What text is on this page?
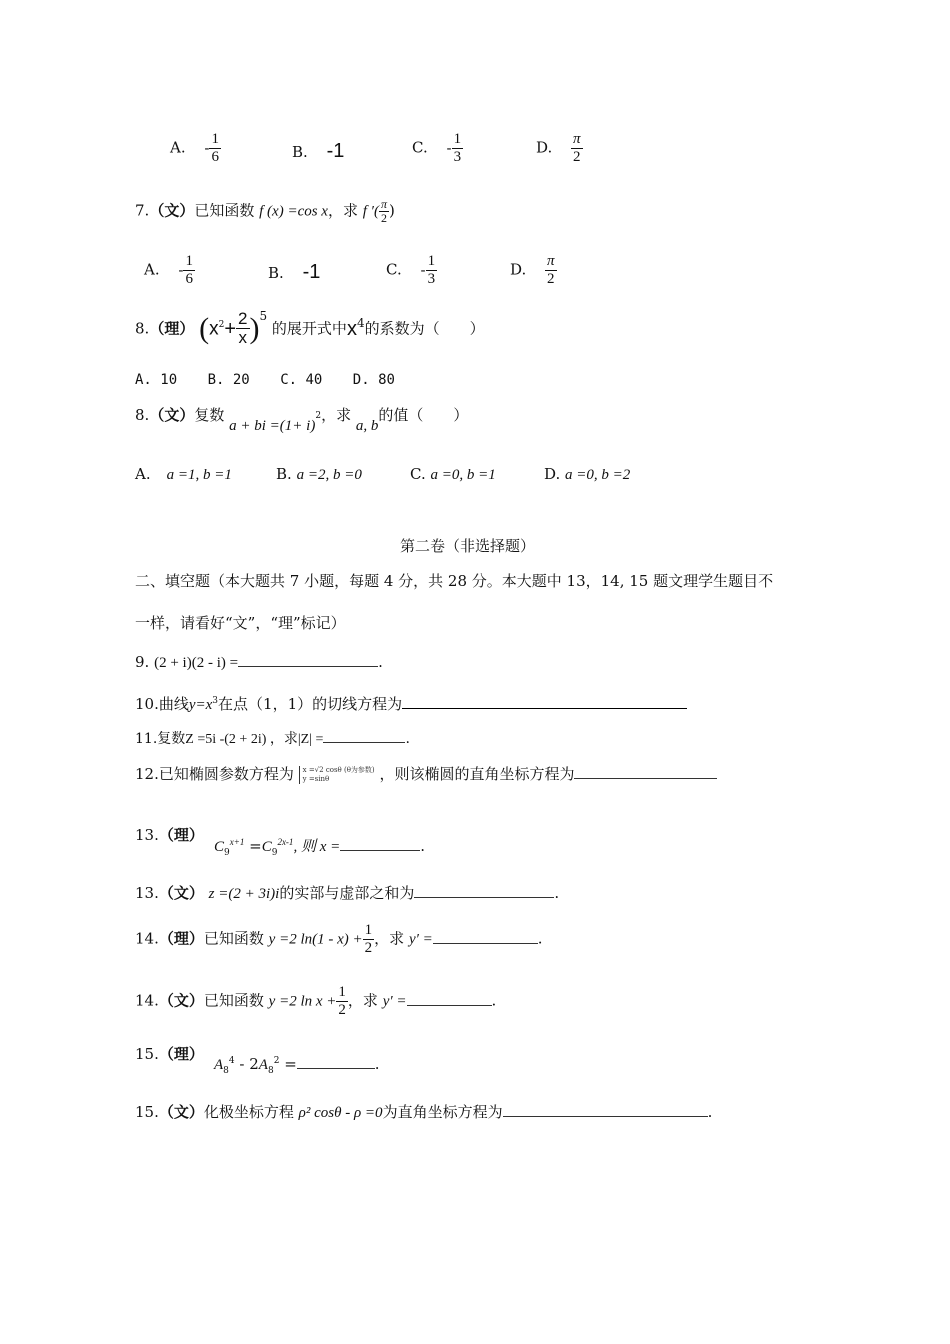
A. - $\frac{1}{6}$	B. -1	C. - $\frac{1}{3}$	D. $\frac{\pi}{2}$
7.（文）已知函数 f (x) =cos x，求 f ′( $\frac{\pi}{2}$ )
A. - $\frac{1}{6}$	B. -1	C. - $\frac{1}{3}$	D. $\frac{\pi}{2}$
8.（理） $(x^2+ \frac{2}{x} )^5$ 的展开式中$x^4$的系数为（　　）
A. 10 B. 20 C. 40 D. 80
8.（文）复数 a + bi $=(1+ i)^2$，求 a, b的值（　　）
A. a =1, b =1	B. a =2, b =0	C. a =0, b =1	D. a =0, b =2
第二卷（非选择题）
二、填空题（本大题共 7 小题，每题 4 分，共 28 分。本大题中 13，14, 15 题文理学生题目不
一样，请看好“文”，“理”标记）
9. (2 + i)(2 - i) =	.
10.曲线$y=x^3$在点（1，1）的切线方程为
11.复数Z =5i -(2 + 2i) ，求|Z| =	.
12.已知椭圆参数方程为 x =√2 cosθ (θ为参数)
y =sinθ	，则该椭圆的直角坐标方程为
13.（理）
$C_9^{x+1} =C_9^{2x-1}$, 则 x =	.
13.（文） z =(2 + 3i)i的实部与虚部之和为	.
14.（理）已知函数 y =2 $\ln(1 - x) + \frac{1}{2}$ ，求 y′ =	.
14.（文）已知函数 y =2 $\ln x + \frac{1}{2}$ ，求 y′ =	.
15.（理）
$A_8^4 - 2A_8^2$ =	.
15.（文）化极坐标方程 ρ² cosθ - ρ =0为直角坐标方程为	.
